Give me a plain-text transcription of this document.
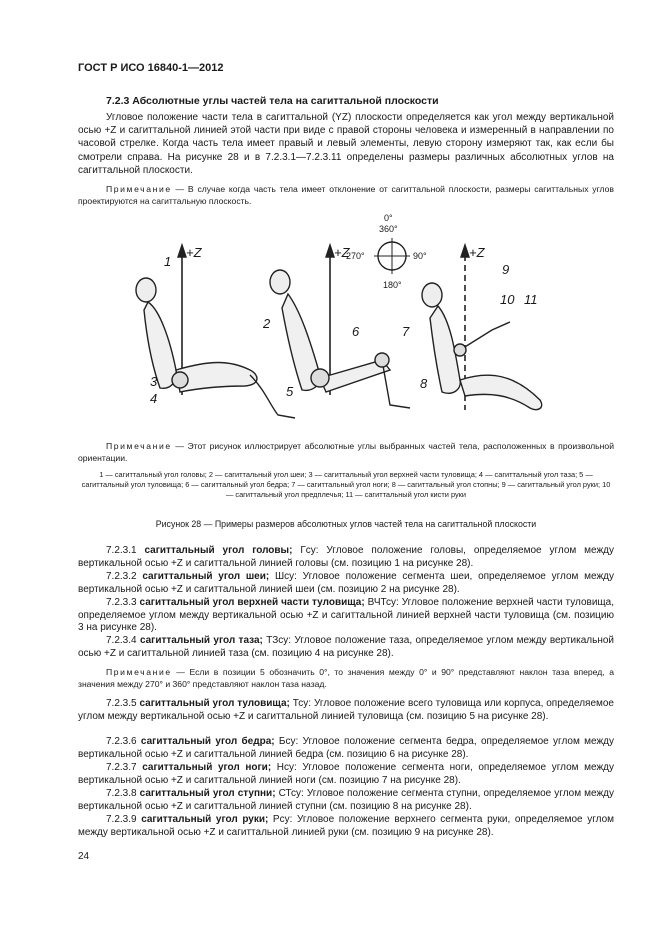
ГОСТ Р ИСО 16840-1—2012
7.2.3 Абсолютные углы частей тела на сагиттальной плоскости

Угловое положение части тела в сагиттальной (YZ) плоскости определяется как угол между вертикальной осью +Z и сагиттальной линией этой части при виде с правой стороны человека и измеренный в направлении по часовой стрелке. Когда часть тела имеет правый и левый элементы, левую сторону измеряют так, как если бы смотрели справа. На рисунке 28 и в 7.2.3.1—7.2.3.11 определены размеры различных абсолютных углов на сагиттальной плоскости.

Примечание — В случае когда часть тела имеет отклонение от сагиттальной плоскости, размеры сагиттальных углов проектируются на сагиттальную плоскость.

0°
360°
270°	90°
180°
+Z	+Z	+Z
1
2
3
4	5
6	7
8
9
10 11

Примечание — Этот рисунок иллюстрирует абсолютные углы выбранных частей тела, расположенных в произвольной ориентации.

1 — сагиттальный угол головы; 2 — сагиттальный угол шеи; 3 — сагиттальный угол верхней части туловища; 4 — сагиттальный угол таза; 5 — сагиттальный угол туловища; 6 — сагиттальный угол бедра; 7 — сагиттальный угол ноги; 8 — сагиттальный угол стопны; 9 — сагиттальный угол руки; 10 — сагиттальный угол предплечья; 11 — сагиттальный угол кисти руки

Рисунок 28 — Примеры размеров абсолютных углов частей тела на сагиттальной плоскости

7.2.3.1 сагиттальный угол головы; Гсу: Угловое положение головы, определяемое углом между вертикальной осью +Z и сагиттальной линией головы (см. позицию 1 на рисунке 28).

7.2.3.2 сагиттальный угол шеи; Шсу: Угловое положение сегмента шеи, определяемое углом между вертикальной осью +Z и сагиттальной линией шеи (см. позицию 2 на рисунке 28).

7.2.3.3 сагиттальный угол верхней части туловища; ВЧТсу: Угловое положение верхней части туловища, определяемое углом между вертикальной осью +Z и сагиттальной линией верхней части туловища (см. позицию 3 на рисунке 28).

7.2.3.4 сагиттальный угол таза; ТЗсу: Угловое положение таза, определяемое углом между вертикальной осью +Z и сагиттальной линией таза (см. позицию 4 на рисунке 28).

Примечание — Если в позиции 5 обозначить 0°, то значения между 0° и 90° представляют наклон таза вперед, а значения между 270° и 360° представляют наклон таза назад.

7.2.3.5 сагиттальный угол туловища; Тсу: Угловое положение всего туловища или корпуса, определяемое углом между вертикальной осью +Z и сагиттальной линией туловища (см. позицию 5 на рисунке 28).

7.2.3.6 сагиттальный угол бедра; Бсу: Угловое положение сегмента бедра, определяемое углом между вертикальной осью +Z и сагиттальной линией бедра (см. позицию 6 на рисунке 28).

7.2.3.7 сагиттальный угол ноги; Нсу: Угловое положение сегмента ноги, определяемое углом между вертикальной осью +Z и сагиттальной линией ноги (см. позицию 7 на рисунке 28).

7.2.3.8 сагиттальный угол ступни; СТсу: Угловое положение сегмента ступни, определяемое углом между вертикальной осью +Z и сагиттальной линией ступни (см. позицию 8 на рисунке 28).

7.2.3.9 сагиттальный угол руки; Рсу: Угловое положение верхнего сегмента руки, определяемое углом между вертикальной осью +Z и сагиттальной линией руки (см. позицию 9 на рисунке 28).

24
